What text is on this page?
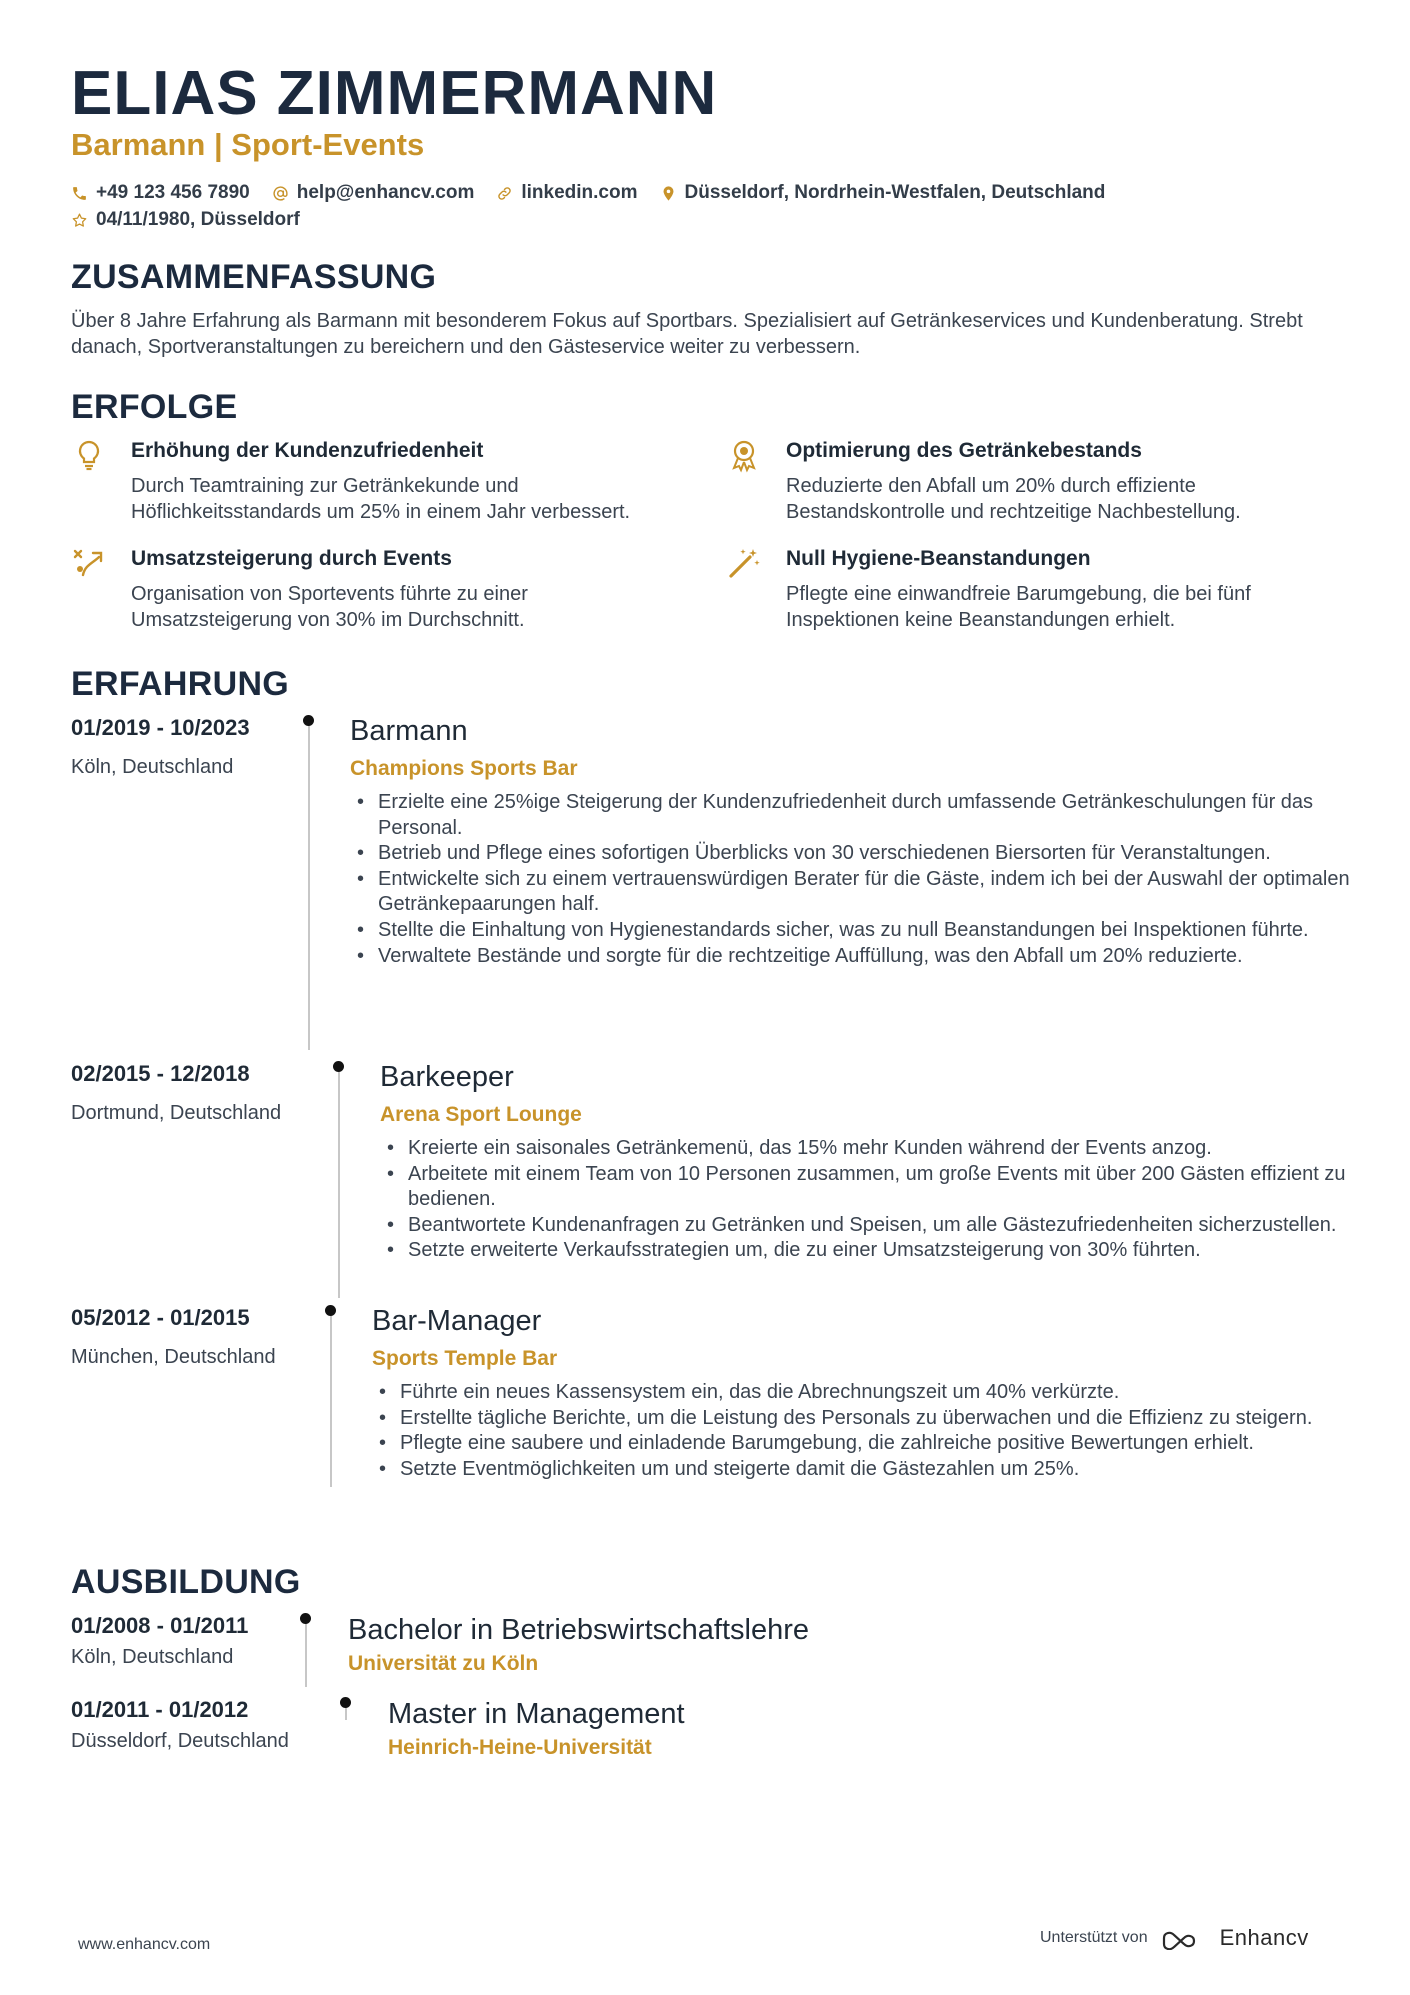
ELIAS ZIMMERMANN
Barmann | Sport-Events
+49 123 456 7890 help@enhancv.com linkedin.com Düsseldorf, Nordrhein-Westfalen, Deutschland
04/11/1980, Düsseldorf
ZUSAMMENFASSUNG
Über 8 Jahre Erfahrung als Barmann mit besonderem Fokus auf Sportbars. Spezialisiert auf Getränkeservices und Kundenberatung. Strebt danach, Sportveranstaltungen zu bereichern und den Gästeservice weiter zu verbessern.
ERFOLGE
Erhöhung der Kundenzufriedenheit
Durch Teamtraining zur Getränkekunde und Höflichkeitsstandards um 25% in einem Jahr verbessert.
Optimierung des Getränkebestands
Reduzierte den Abfall um 20% durch effiziente Bestandskontrolle und rechtzeitige Nachbestellung.
Umsatzsteigerung durch Events
Organisation von Sportevents führte zu einer Umsatzsteigerung von 30% im Durchschnitt.
Null Hygiene-Beanstandungen
Pflegte eine einwandfreie Barumgebung, die bei fünf Inspektionen keine Beanstandungen erhielt.
ERFAHRUNG
01/2019 - 10/2023
Köln, Deutschland
Barmann
Champions Sports Bar
• Erzielte eine 25%ige Steigerung der Kundenzufriedenheit durch umfassende Getränkeschulungen für das Personal.
• Betrieb und Pflege eines sofortigen Überblicks von 30 verschiedenen Biersorten für Veranstaltungen.
• Entwickelte sich zu einem vertrauenswürdigen Berater für die Gäste, indem ich bei der Auswahl der optimalen Getränkepaarungen half.
• Stellte die Einhaltung von Hygienestandards sicher, was zu null Beanstandungen bei Inspektionen führte.
• Verwaltete Bestände und sorgte für die rechtzeitige Auffüllung, was den Abfall um 20% reduzierte.
02/2015 - 12/2018
Dortmund, Deutschland
Barkeeper
Arena Sport Lounge
• Kreierte ein saisonales Getränkemenü, das 15% mehr Kunden während der Events anzog.
• Arbeitete mit einem Team von 10 Personen zusammen, um große Events mit über 200 Gästen effizient zu bedienen.
• Beantwortete Kundenanfragen zu Getränken und Speisen, um alle Gästezufriedenheiten sicherzustellen.
• Setzte erweiterte Verkaufsstrategien um, die zu einer Umsatzsteigerung von 30% führten.
05/2012 - 01/2015
München, Deutschland
Bar-Manager
Sports Temple Bar
• Führte ein neues Kassensystem ein, das die Abrechnungszeit um 40% verkürzte.
• Erstellte tägliche Berichte, um die Leistung des Personals zu überwachen und die Effizienz zu steigern.
• Pflegte eine saubere und einladende Barumgebung, die zahlreiche positive Bewertungen erhielt.
• Setzte Eventmöglichkeiten um und steigerte damit die Gästezahlen um 25%.
AUSBILDUNG
01/2008 - 01/2011
Köln, Deutschland
Bachelor in Betriebswirtschaftslehre
Universität zu Köln
01/2011 - 01/2012
Düsseldorf, Deutschland
Master in Management
Heinrich-Heine-Universität
www.enhancv.com	Unterstützt von	Enhancv
